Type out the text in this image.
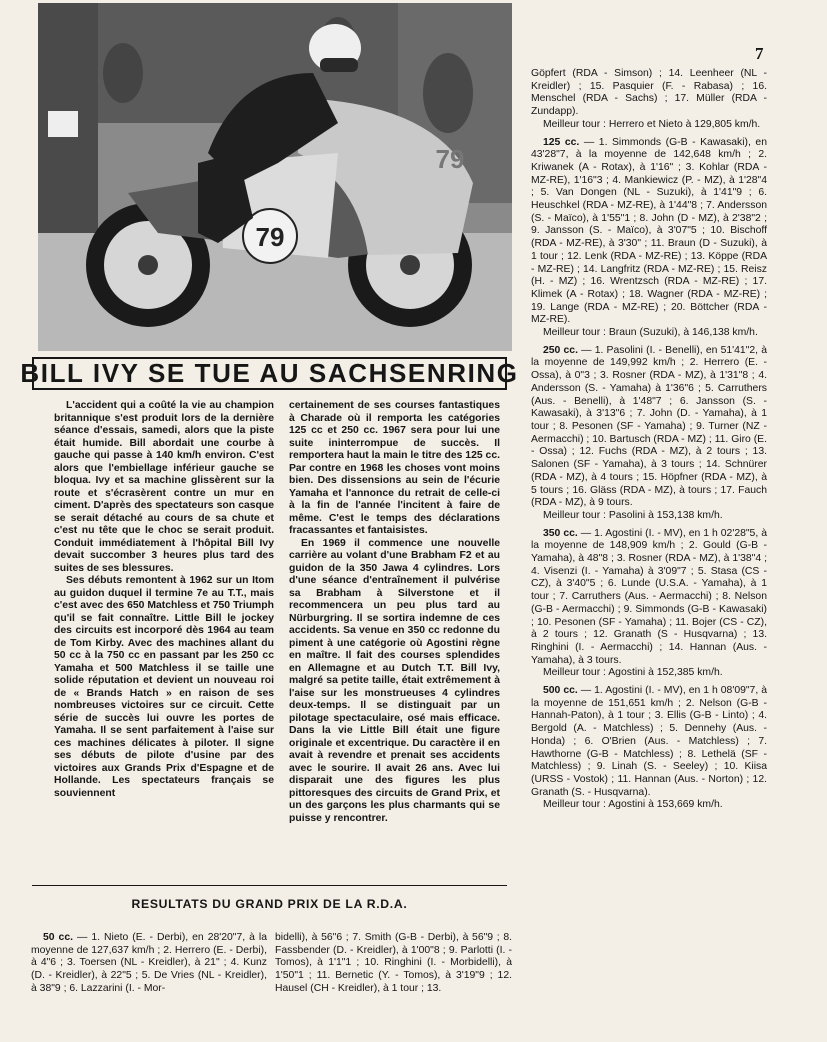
79
79
7
BILL IVY SE TUE AU SACHSENRING

L'accident qui a coûté la vie au champion britannique s'est produit lors de la dernière séance d'essais, samedi, alors que la piste était humide. Bill abordait une courbe à gauche qui passe à 140 km/h environ. C'est alors que l'embiellage inférieur gauche se bloqua. Ivy et sa machine glissèrent sur la route et s'écrasèrent contre un mur en ciment. D'après des spectateurs son casque se serait détaché au cours de sa chute et c'est nu tête que le choc se serait produit. Conduit immédiatement à l'hôpital Bill Ivy devait succomber 3 heures plus tard des suites de ses blessures.

Ses débuts remontent à 1962 sur un Itom au guidon duquel il termine 7e au T.T., mais c'est avec des 650 Matchless et 750 Triumph qu'il se fait connaître. Little Bill le jockey des circuits est incorporé dès 1964 au team de Tom Kirby. Avec des machines allant du 50 cc à la 750 cc en passant par les 250 cc Yamaha et 500 Matchless il se taille une solide réputation et devient un nouveau roi de « Brands Hatch » en raison de ses nombreuses victoires sur ce circuit. Cette série de succès lui ouvre les portes de Yamaha. Il se sent parfaitement à l'aise sur ces machines délicates à piloter. Il signe ses débuts de pilote d'usine par des victoires aux Grands Prix d'Espagne et de Hollande. Les spectateurs français se souviennent

certainement de ses courses fantastiques à Charade où il remporta les catégories 125 cc et 250 cc. 1967 sera pour lui une suite ininterrompue de succès. Il remportera haut la main le titre des 125 cc. Par contre en 1968 les choses vont moins bien. Des dissensions au sein de l'écurie Yamaha et l'annonce du retrait de celle-ci à la fin de l'année l'incitent à faire de même. C'est le temps des déclarations fracassantes et fantaisistes.

En 1969 il commence une nouvelle carrière au volant d'une Brabham F2 et au guidon de la 350 Jawa 4 cylindres. Lors d'une séance d'entraînement il pulvérise sa Brabham à Silverstone et il recommencera un peu plus tard au Nürburgring. Il se sortira indemne de ces accidents. Sa venue en 350 cc redonne du piment à une catégorie où Agostini règne en maître. Il fait des courses splendides en Allemagne et au Dutch T.T. Bill Ivy, malgré sa petite taille, était extrêmement à l'aise sur les monstrueuses 4 cylindres deux-temps. Il se distinguait par un pilotage spectaculaire, osé mais efficace. Dans la vie Little Bill était une figure originale et excentrique. Du caractère il en avait à revendre et prenait ses accidents avec le sourire. Il avait 26 ans. Avec lui disparait une des figures les plus pittoresques des circuits de Grand Prix, et un des garçons les plus charmants qui se puisse y rencontrer.

RESULTATS DU GRAND PRIX DE LA R.D.A.

50 cc. — 1. Nieto (E. - Derbi), en 28'20"7, à la moyenne de 127,637 km/h ; 2. Herrero (E. - Derbi), à 4"6 ; 3. Toersen (NL - Kreidler), à 21" ; 4. Kunz (D. - Kreidler), à 22"5 ; 5. De Vries (NL - Kreidler), à 38"9 ; 6. Lazzarini (I. - Mor-

bidelli), à 56"6 ; 7. Smith (G-B - Derbi), à 56"9 ; 8. Fassbender (D. - Kreidler), à 1'00"8 ; 9. Parlotti (I. - Tomos), à 1'1"1 ; 10. Ringhini (I. - Morbidelli), à 1'50"1 ; 11. Bernetic (Y. - Tomos), à 3'19"9 ; 12. Hausel (CH - Kreidler), à 1 tour ; 13.

Göpfert (RDA - Simson) ; 14. Leenheer (NL - Kreidler) ; 15. Pasquier (F. - Rabasa) ; 16. Menschel (RDA - Sachs) ; 17. Müller (RDA - Zundapp).

Meilleur tour : Herrero et Nieto à 129,805 km/h.

125 cc. — 1. Simmonds (G-B - Kawasaki), en 43'28"7, à la moyenne de 142,648 km/h ; 2. Kriwanek (A - Rotax), à 1'16" ; 3. Kohlar (RDA - MZ-RE), 1'16"3 ; 4. Mankiewicz (P. - MZ), à 1'28"4 ; 5. Van Dongen (NL - Suzuki), à 1'41"9 ; 6. Heuschkel (RDA - MZ-RE), à 1'44"8 ; 7. Andersson (S. - Maïco), à 1'55"1 ; 8. John (D - MZ), à 2'38"2 ; 9. Jansson (S. - Maïco), à 3'07"5 ; 10. Bischoff (RDA - MZ-RE), à 3'30" ; 11. Braun (D - Suzuki), à 1 tour ; 12. Lenk (RDA - MZ-RE) ; 13. Köppe (RDA - MZ-RE) ; 14. Langfritz (RDA - MZ-RE) ; 15. Reisz (H. - MZ) ; 16. Wrentzsch (RDA - MZ-RE) ; 17. Klimek (A - Rotax) ; 18. Wagner (RDA - MZ-RE) ; 19. Lange (RDA - MZ-RE) ; 20. Böttcher (RDA - MZ-RE).

Meilleur tour : Braun (Suzuki), à 146,138 km/h.

250 cc. — 1. Pasolini (I. - Benelli), en 51'41"2, à la moyenne de 149,992 km/h ; 2. Herrero (E. - Ossa), à 0"3 ; 3. Rosner (RDA - MZ), à 1'31"8 ; 4. Andersson (S. - Yamaha) à 1'36"6 ; 5. Carruthers (Aus. - Benelli), à 1'48"7 ; 6. Jansson (S. - Kawasaki), à 3'13"6 ; 7. John (D. - Yamaha), à 1 tour ; 8. Pesonen (SF - Yamaha) ; 9. Turner (NZ - Aermacchi) ; 10. Bartusch (RDA - MZ) ; 11. Giro (E. - Ossa) ; 12. Fuchs (RDA - MZ), à 2 tours ; 13. Salonen (SF - Yamaha), à 3 tours ; 14. Schnürer (RDA - MZ), à 4 tours ; 15. Höpfner (RDA - MZ), à 5 tours ; 16. Gläss (RDA - MZ), à tours ; 17. Fauch (RDA - MZ), à 9 tours.

Meilleur tour : Pasolini à 153,138 km/h.

350 cc. — 1. Agostini (I. - MV), en 1 h 02'28"5, à la moyenne de 148,909 km/h ; 2. Gould (G-B - Yamaha), à 48"8 ; 3. Rosner (RDA - MZ), à 1'38"4 ; 4. Visenzi (I. - Yamaha) à 3'09"7 ; 5. Stasa (CS - CZ), à 3'40"5 ; 6. Lunde (U.S.A. - Yamaha), à 1 tour ; 7. Carruthers (Aus. - Aermacchi) ; 8. Nelson (G-B - Aermacchi) ; 9. Simmonds (G-B - Kawasaki) ; 10. Pesonen (SF - Yamaha) ; 11. Bojer (CS - CZ), à 2 tours ; 12. Granath (S - Husqvarna) ; 13. Ringhini (I. - Aermacchi) ; 14. Hannan (Aus. - Yamaha), à 3 tours.

Meilleur tour : Agostini à 152,385 km/h.

500 cc. — 1. Agostini (I. - MV), en 1 h 08'09"7, à la moyenne de 151,651 km/h ; 2. Nelson (G-B - Hannah-Paton), à 1 tour ; 3. Ellis (G-B - Linto) ; 4. Bergold (A. - Matchless) ; 5. Dennehy (Aus. - Honda) ; 6. O'Brien (Aus. - Matchless) ; 7. Hawthorne (G-B - Matchless) ; 8. Lethelä (SF - Matchless) ; 9. Linah (S. - Seeley) ; 10. Kiisa (URSS - Vostok) ; 11. Hannan (Aus. - Norton) ; 12. Granath (S. - Husqvarna).

Meilleur tour : Agostini à 153,669 km/h.
